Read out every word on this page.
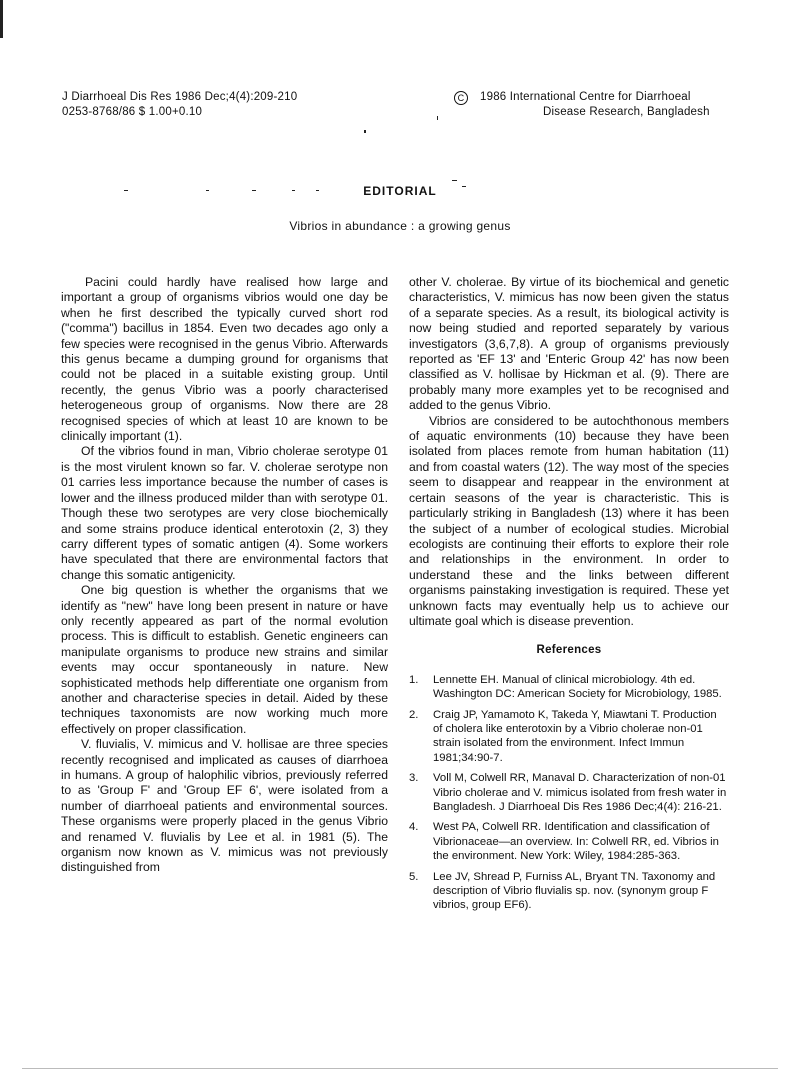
J Diarrhoeal Dis Res 1986 Dec;4(4):209-210
0253-8768/86 $ 1.00+0.10
C 1986 International Centre for Diarrhoeal
Disease Research, Bangladesh
EDITORIAL
Vibrios in abundance : a growing genus

Pacini could hardly have realised how large and important a group of organisms vibrios would one day be when he first described the typically curved short rod ("comma") bacillus in 1854. Even two decades ago only a few species were recognised in the genus Vibrio. Afterwards this genus became a dumping ground for organisms that could not be placed in a suitable existing group. Until recently, the genus Vibrio was a poorly characterised heterogeneous group of organisms. Now there are 28 recognised species of which at least 10 are known to be clinically important (1).

Of the vibrios found in man, Vibrio cholerae serotype 01 is the most virulent known so far. V. cholerae serotype non 01 carries less importance because the number of cases is lower and the illness produced milder than with serotype 01. Though these two serotypes are very close biochemically and some strains produce identical enterotoxin (2, 3) they carry different types of somatic antigen (4). Some workers have speculated that there are environmental factors that change this somatic antigenicity.

One big question is whether the organisms that we identify as "new" have long been present in nature or have only recently appeared as part of the normal evolution process. This is difficult to establish. Genetic engineers can manipulate organisms to produce new strains and similar events may occur spontaneously in nature. New sophisticated methods help differentiate one organism from another and characterise species in detail. Aided by these techniques taxonomists are now working much more effectively on proper classification.

V. fluvialis, V. mimicus and V. hollisae are three species recently recognised and implicated as causes of diarrhoea in humans. A group of halophilic vibrios, previously referred to as 'Group F' and 'Group EF 6', were isolated from a number of diarrhoeal patients and environmental sources. These organisms were properly placed in the genus Vibrio and renamed V. fluvialis by Lee et al. in 1981 (5). The organism now known as V. mimicus was not previously distinguished from

other V. cholerae. By virtue of its biochemical and genetic characteristics, V. mimicus has now been given the status of a separate species. As a result, its biological activity is now being studied and reported separately by various investigators (3,6,7,8). A group of organisms previously reported as 'EF 13' and 'Enteric Group 42' has now been classified as V. hollisae by Hickman et al. (9). There are probably many more examples yet to be recognised and added to the genus Vibrio.

Vibrios are considered to be autochthonous members of aquatic environments (10) because they have been isolated from places remote from human habitation (11) and from coastal waters (12). The way most of the species seem to disappear and reappear in the environment at certain seasons of the year is characteristic. This is particularly striking in Bangladesh (13) where it has been the subject of a number of ecological studies. Microbial ecologists are continuing their efforts to explore their role and relationships in the environment. In order to understand these and the links between different organisms painstaking investigation is required. These yet unknown facts may eventually help us to achieve our ultimate goal which is disease prevention.

References
1. Lennette EH. Manual of clinical microbiology. 4th ed. Washington DC: American Society for Microbiology, 1985.
2. Craig JP, Yamamoto K, Takeda Y, Miawtani T. Production of cholera like enterotoxin by a Vibrio cholerae non-01 strain isolated from the environment. Infect Immun 1981;34:90-7.
3. Voll M, Colwell RR, Manaval D. Characterization of non-01 Vibrio cholerae and V. mimicus isolated from fresh water in Bangladesh. J Diarrhoeal Dis Res 1986 Dec;4(4): 216-21.
4. West PA, Colwell RR. Identification and classification of Vibrionaceae—an overview. In: Colwell RR, ed. Vibrios in the environment. New York: Wiley, 1984:285-363.
5. Lee JV, Shread P, Furniss AL, Bryant TN. Taxonomy and description of Vibrio fluvialis sp. nov. (synonym group F vibrios, group EF6).
